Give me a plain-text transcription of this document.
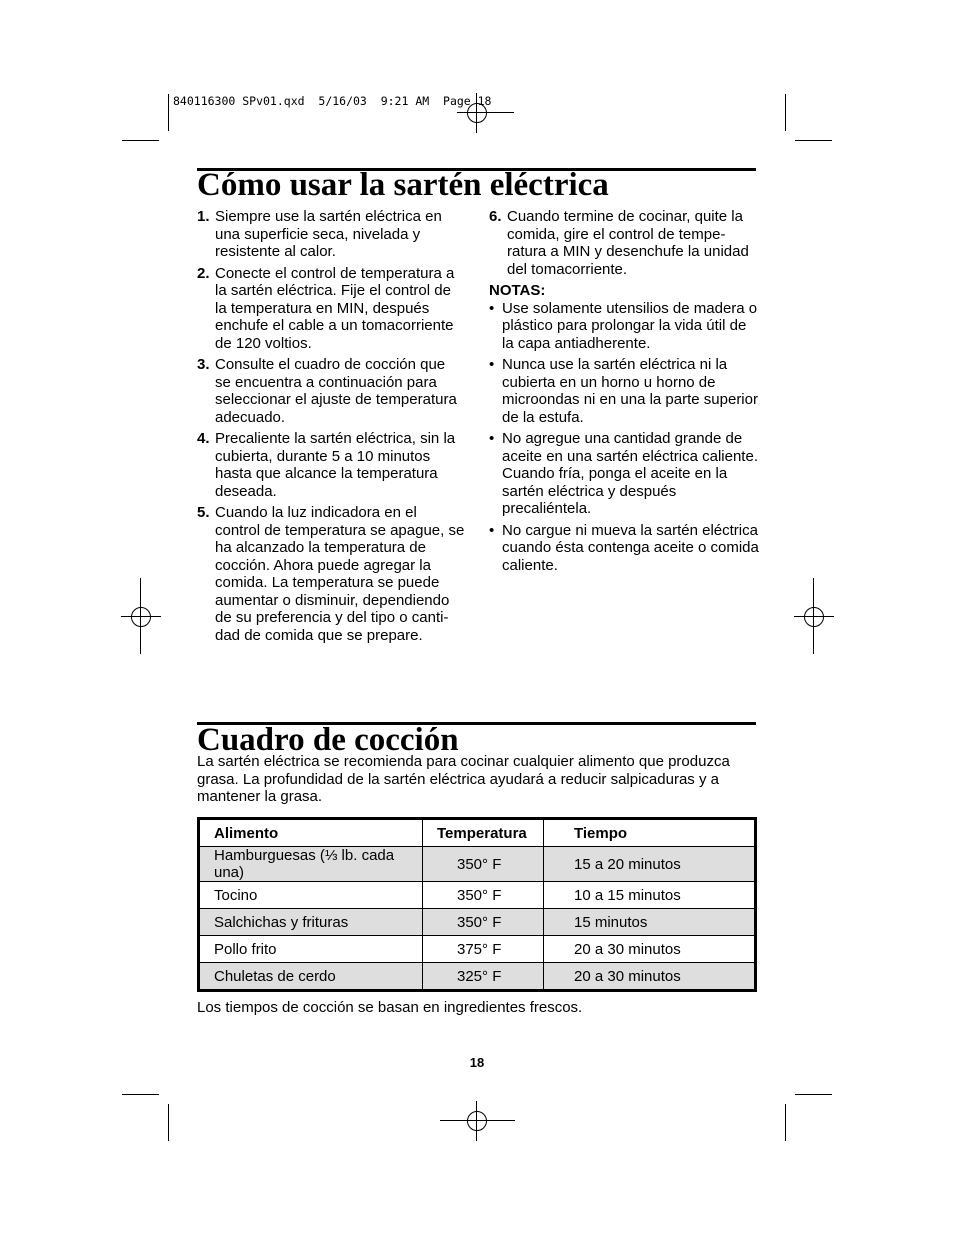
840116300 SPv01.qxd  5/16/03  9:21 AM  Page 18
Cómo usar la sartén eléctrica
1. Siempre use la sartén eléctrica en una superficie seca, nivelada y resistente al calor.
2. Conecte el control de temperatura a la sartén eléctrica. Fije el control de la temperatura en MIN, después enchufe el cable a un tomacorriente de 120 voltios.
3. Consulte el cuadro de cocción que se encuentra a continuación para seleccionar el ajuste de temperatura adecuado.
4. Precaliente la sartén eléctrica, sin la cubierta, durante 5 a 10 minutos hasta que alcance la temperatura deseada.
5. Cuando la luz indicadora en el control de temperatura se apague, se ha alcanzado la temperatura de cocción. Ahora puede agregar la comida. La temperatura se puede aumentar o disminuir, dependiendo de su preferencia y del tipo o canti-dad de comida que se prepare.
6. Cuando termine de cocinar, quite la comida, gire el control de tempe-ratura a MIN y desenchufe la unidad del tomacorriente.
NOTAS:
• Use solamente utensilios de madera o plástico para prolongar la vida útil de la capa antiadherente.
• Nunca use la sartén eléctrica ni la cubierta en un horno u horno de microondas ni en una la parte superior de la estufa.
• No agregue una cantidad grande de aceite en una sartén eléctrica caliente. Cuando fría, ponga el aceite en la sartén eléctrica y después precaliéntela.
• No cargue ni mueva la sartén eléctrica cuando ésta contenga aceite o comida caliente.
Cuadro de cocción
La sartén eléctrica se recomienda para cocinar cualquier alimento que produzca grasa. La profundidad de la sartén eléctrica ayudará a reducir salpicaduras y a mantener la grasa.
Alimento	Temperatura	Tiempo
Hamburguesas (⅓ lb. cada una)	350° F	15 a 20 minutos
Tocino	350° F	10 a 15 minutos
Salchichas y frituras	350° F	15 minutos
Pollo frito	375° F	20 a 30 minutos
Chuletas de cerdo	325° F	20 a 30 minutos
Los tiempos de cocción se basan en ingredientes frescos.
18
